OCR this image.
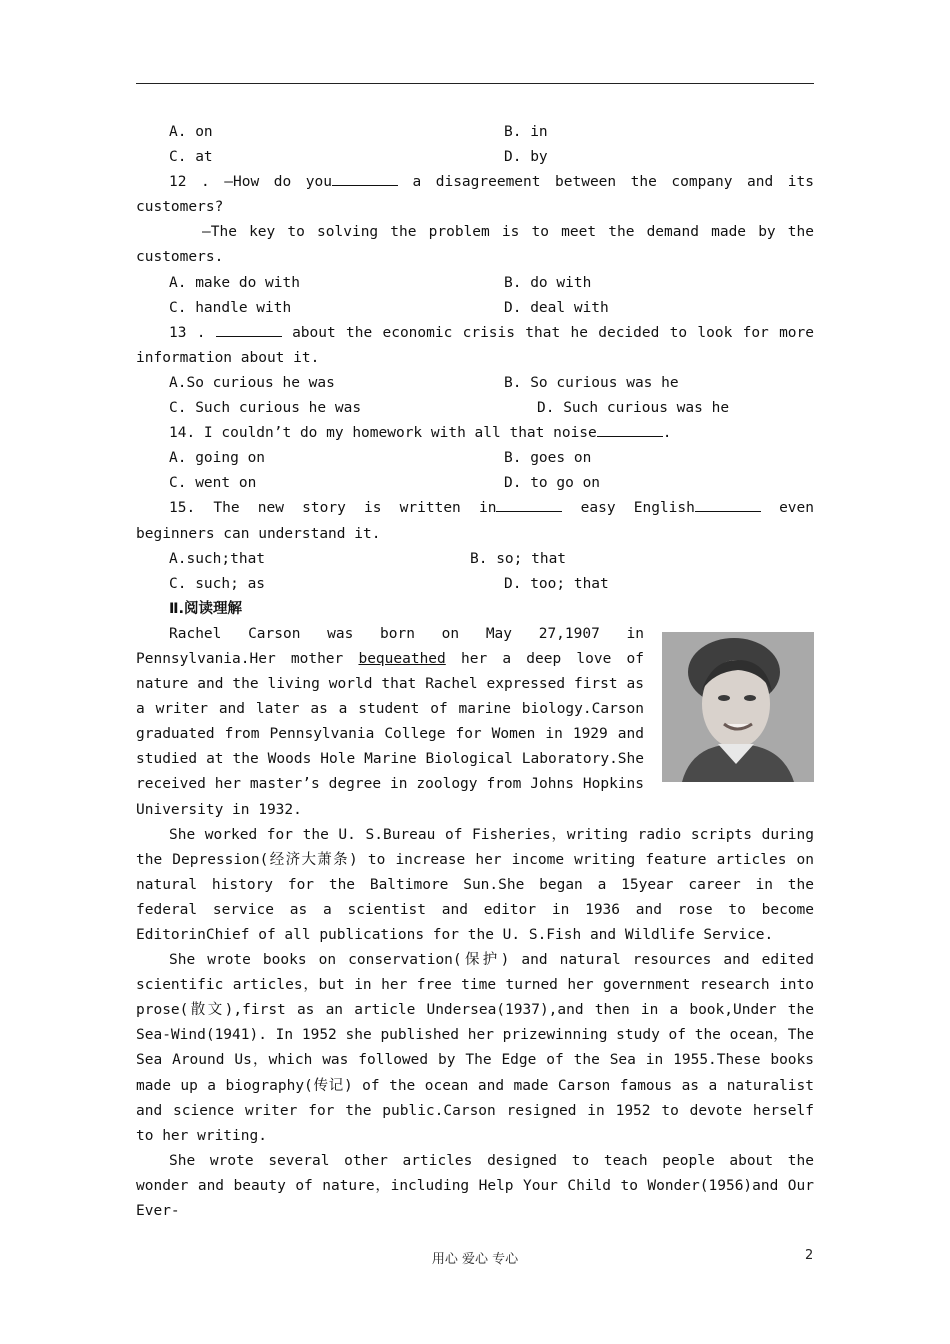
A. on	B. in
C. at	D. by

12 . —How do you	a disagreement between the company and its customers?

—The key to solving the problem is to meet the demand made by the customers.

A. make do with	B. do with
C. handle with	D. deal with

13 .	about the economic crisis that he decided to look for more information about it.

A.So curious he was	B. So curious was he
C. Such curious he was	D. Such curious was he
14. I couldn’t do my homework with all that noise	.
A. going on	B. goes on
C. went on	D. to go on

15. The new story is written in	easy English	even beginners can understand it.

A.such;that	B. so; that
C. such; as	D. too; that
Ⅱ.阅读理解

Rachel Carson was born on May 27,1907 in Pennsylvania.Her mother bequeathed her a deep love of nature and the living world that Rachel expressed first as a writer and later as a student of marine biology.Carson graduated from Pennsylvania College for Women in 1929 and studied at the Woods Hole Marine Biological Laboratory.She received her master’s degree in zoology from Johns Hopkins University in 1932.

She worked for the U. S.Bureau of Fisheries，writing radio scripts during the Depression(经济大萧条) to increase her income writing feature articles on natural history for the Baltimore Sun.She began a 15year career in the federal service as a scientist and editor in 1936 and rose to become EditorinChief of all publications for the U. S.Fish and Wildlife Service.

She wrote books on conservation(保护) and natural resources and edited scientific articles，but in her free time turned her government research into prose(散文),first as an article Undersea(1937),and then in a book,Under the Sea-Wind(1941). In 1952 she published her prizewinning study of the ocean，The Sea Around Us，which was followed by The Edge of the Sea in 1955.These books made up a biography(传记) of the ocean and made Carson famous as a naturalist and science writer for the public.Carson resigned in 1952 to devote herself to her writing.

She wrote several other articles designed to teach people about the wonder and beauty of nature，including Help Your Child to Wonder(1956)and Our Ever-

用心 爱心 专心	2
